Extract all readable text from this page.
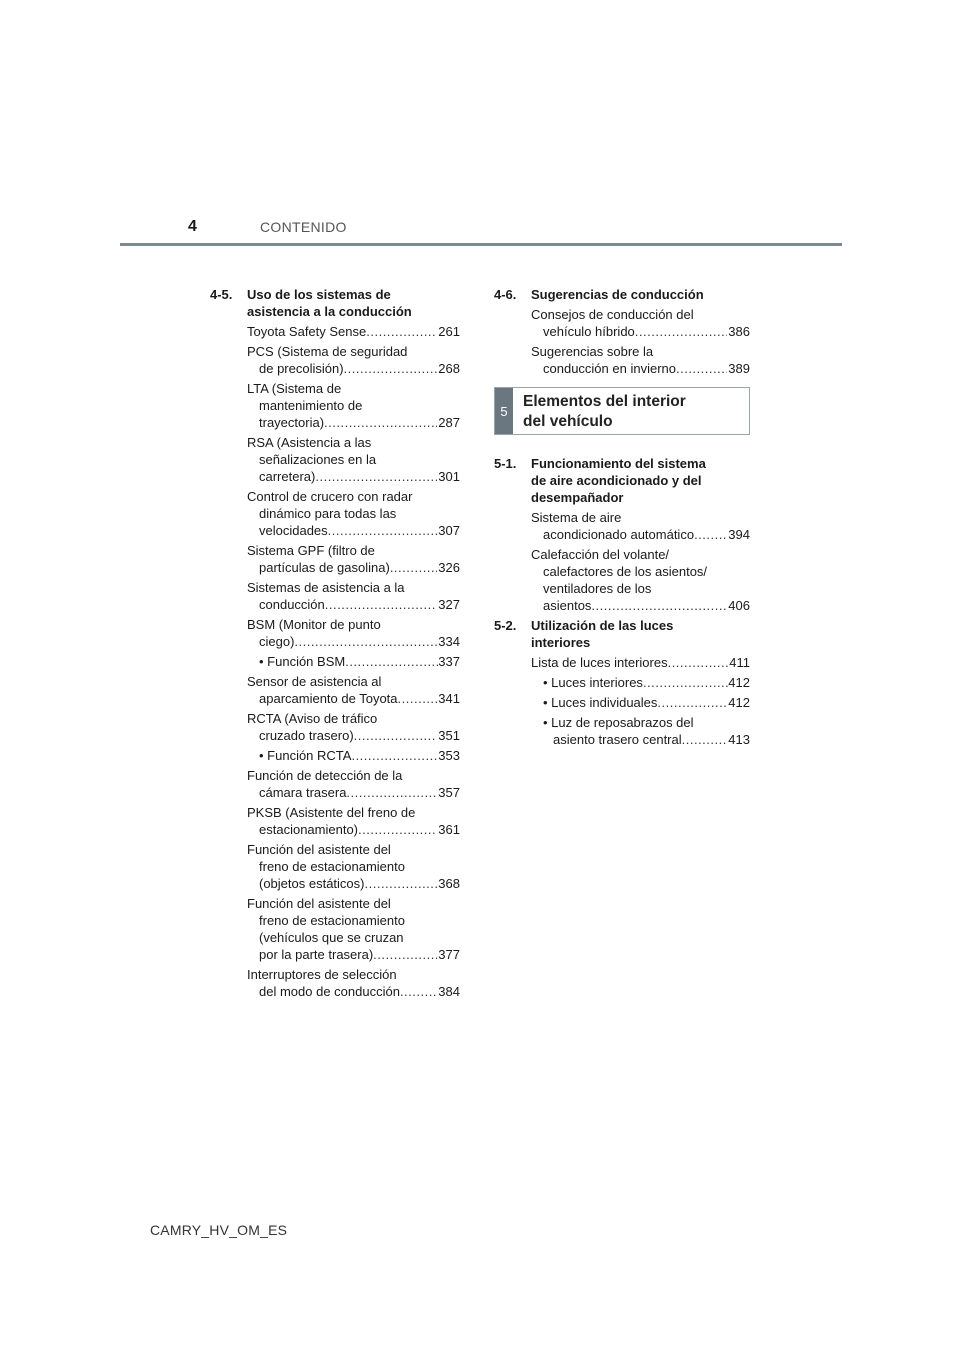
4	CONTENIDO
4-5. Uso de los sistemas de
asistencia a la conducción
Toyota Safety Sense .....	261
PCS (Sistema de seguridad
de precolisión) .....	268
LTA (Sistema de
mantenimiento de
trayectoria) .....	287
RSA (Asistencia a las
señalizaciones en la
carretera) .....	301
Control de crucero con radar
dinámico para todas las
velocidades .....	307
Sistema GPF (filtro de
partículas de gasolina) .....	326
Sistemas de asistencia a la
conducción .....	327
BSM (Monitor de punto
ciego) .....	334
• Función BSM .....	337
Sensor de asistencia al
aparcamiento de Toyota .....	341
RCTA (Aviso de tráfico
cruzado trasero) .....	351
• Función RCTA .....	353
Función de detección de la
cámara trasera .....	357
PKSB (Asistente del freno de
estacionamiento) .....	361
Función del asistente del
freno de estacionamiento
(objetos estáticos) .....	368
Función del asistente del
freno de estacionamiento
(vehículos que se cruzan
por la parte trasera) .....	377
Interruptores de selección
del modo de conducción .....	384
4-6. Sugerencias de conducción
Consejos de conducción del
vehículo híbrido .....	386
Sugerencias sobre la
conducción en invierno .....	389
5
Elementos del interior
del vehículo
5-1. Funcionamiento del sistema
de aire acondicionado y del
desempañador
Sistema de aire
acondicionado automático .....	394
Calefacción del volante/
calefactores de los asientos/
ventiladores de los
asientos .....	406
5-2. Utilización de las luces
interiores
Lista de luces interiores .....	411
• Luces interiores .....	412
• Luces individuales .....	412
• Luz de reposabrazos del
asiento trasero central .....	413
CAMRY_HV_OM_ES
